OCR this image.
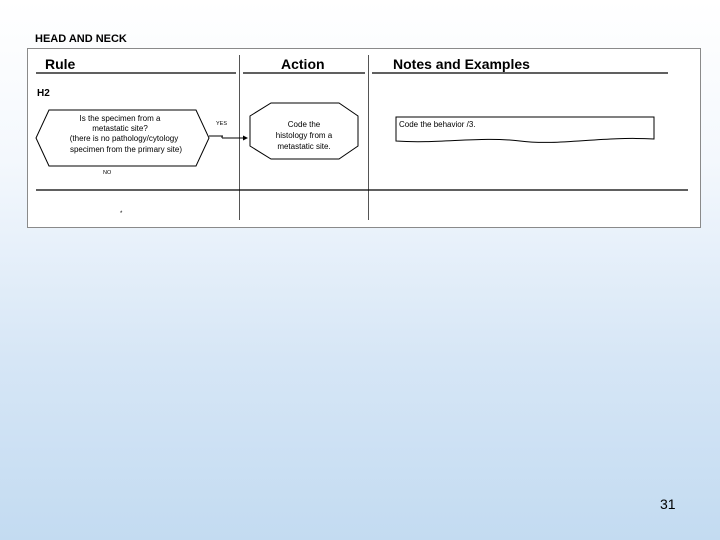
HEAD AND NECK
Rule	Action	Notes and Examples
H2
Is the specimen from a
metastatic site?
(there is no pathology/cytology
specimen from the primary site)
YES	Code the
histology from a
metastatic site.
Code the behavior /3.
NO
*
31
